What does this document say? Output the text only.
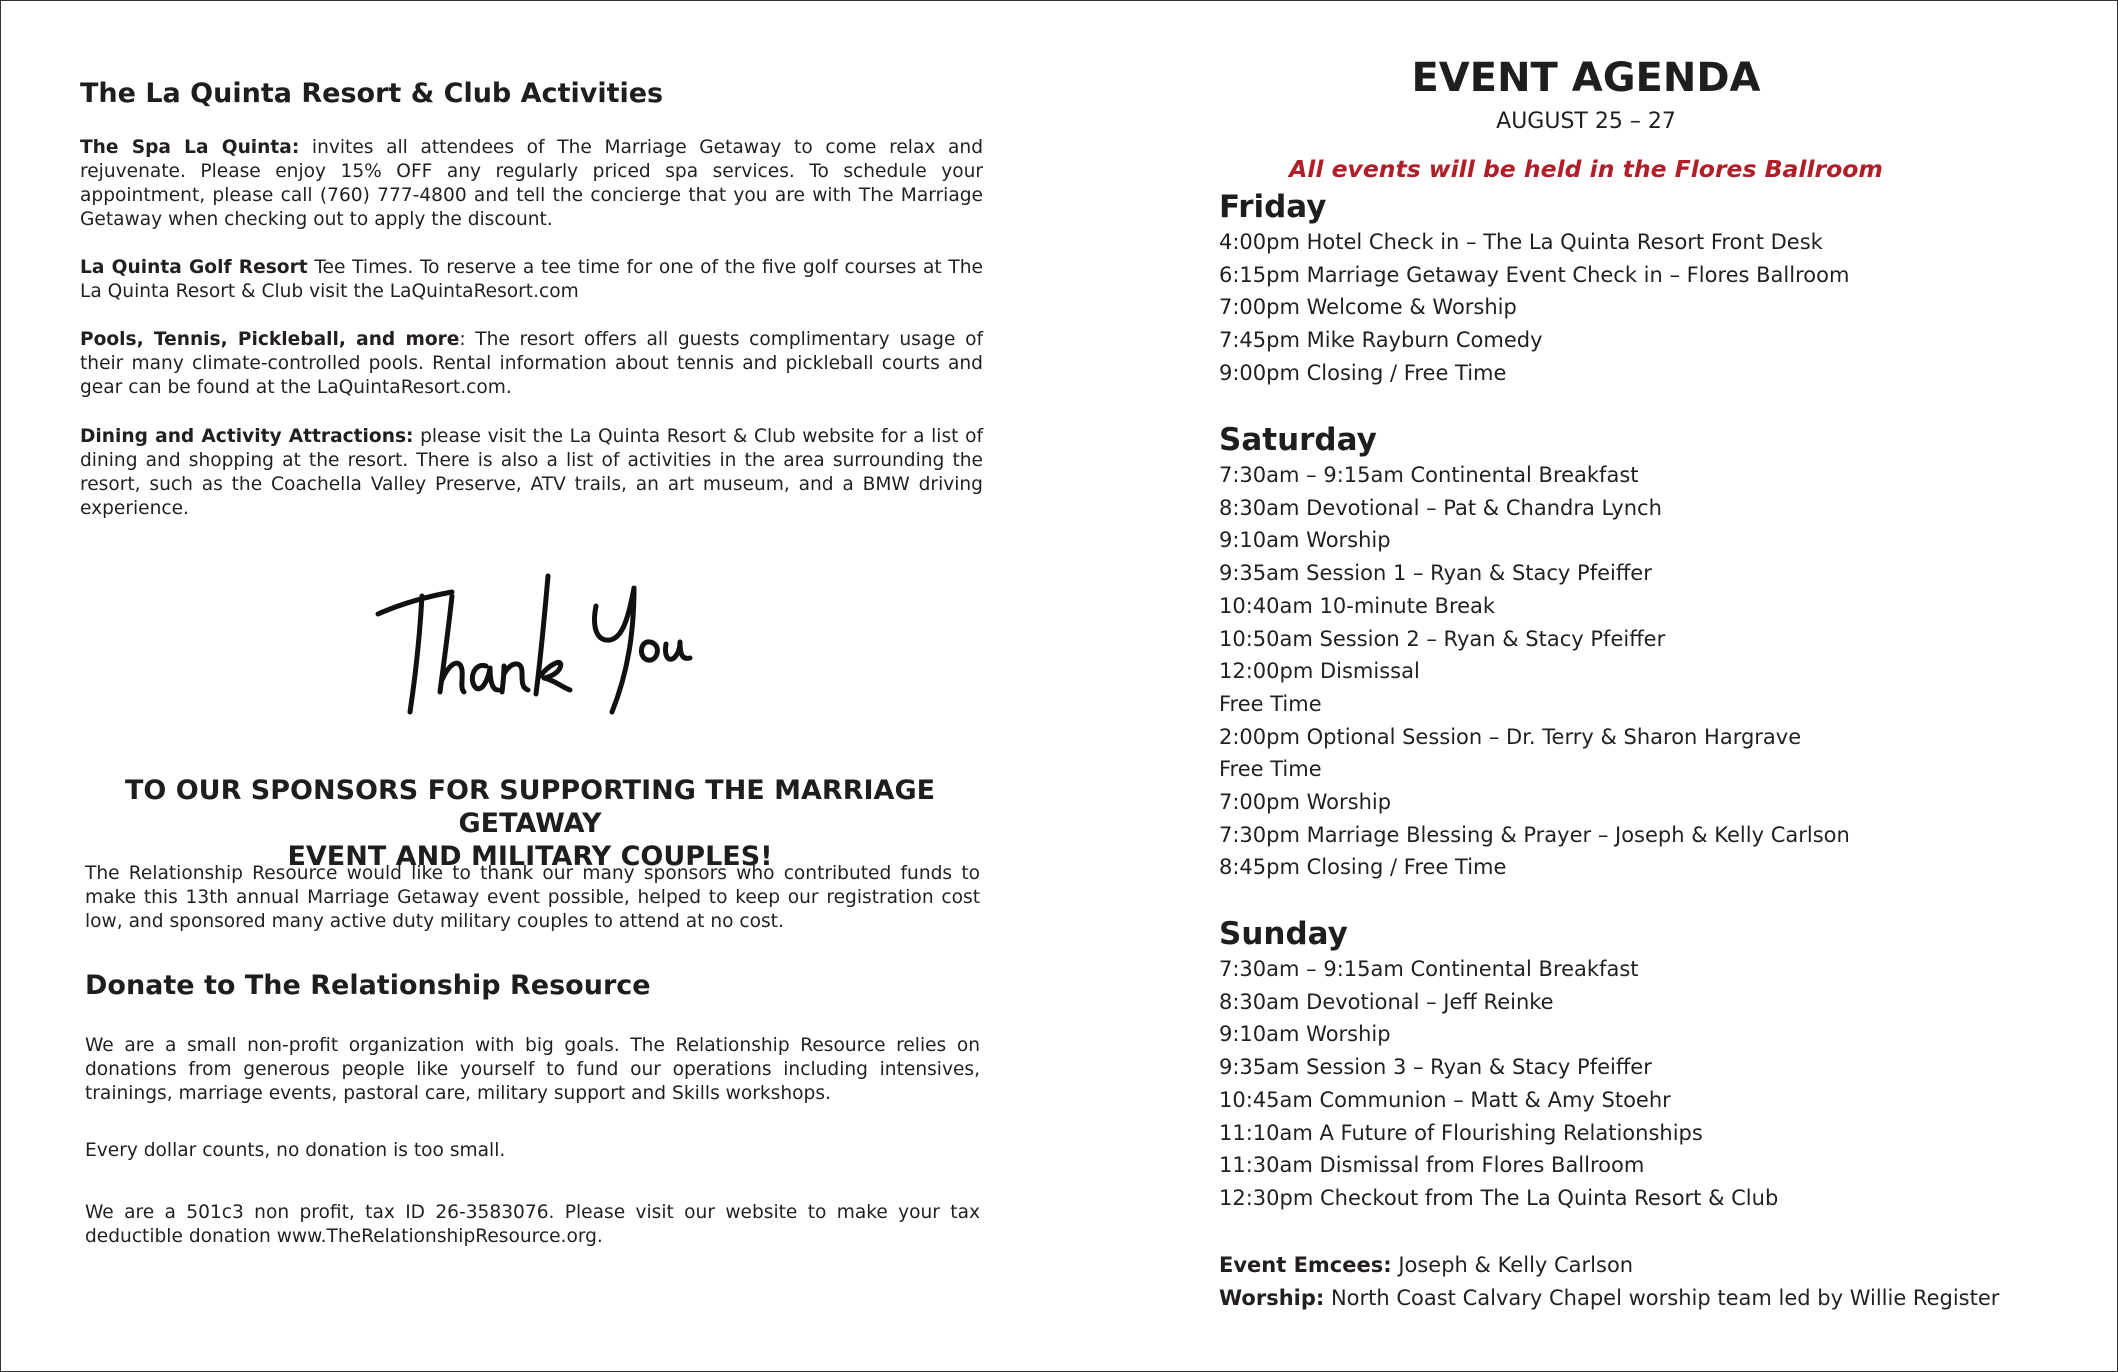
The La Quinta Resort & Club Activities

The Spa La Quinta: invites all attendees of The Marriage Getaway to come relax and rejuvenate. Please enjoy 15% OFF any regularly priced spa services. To schedule your appointment, please call (760) 777-4800 and tell the concierge that you are with The Marriage Getaway when checking out to apply the discount.

La Quinta Golf Resort Tee Times. To reserve a tee time for one of the five golf courses at The La Quinta Resort & Club visit the LaQuintaResort.com

Pools, Tennis, Pickleball, and more: The resort offers all guests complimentary usage of their many climate-controlled pools. Rental information about tennis and pickleball courts and gear can be found at the LaQuintaResort.com.

Dining and Activity Attractions: please visit the La Quinta Resort & Club website for a list of dining and shopping at the resort. There is also a list of activities in the area surrounding the resort, such as the Coachella Valley Preserve, ATV trails, an art museum, and a BMW driving experience.

TO OUR SPONSORS FOR SUPPORTING THE MARRIAGE GETAWAY
EVENT AND MILITARY COUPLES!

The Relationship Resource would like to thank our many sponsors who contributed funds to make this 13th annual Marriage Getaway event possible, helped to keep our registration cost low, and sponsored many active duty military couples to attend at no cost.

Donate to The Relationship Resource

We are a small non-profit organization with big goals. The Relationship Resource relies on donations from generous people like yourself to fund our operations including intensives, trainings, marriage events, pastoral care, military support and Skills workshops.

Every dollar counts, no donation is too small.

We are a 501c3 non profit, tax ID 26-3583076. Please visit our website to make your tax deductible donation www.TheRelationshipResource.org.

EVENT AGENDA
AUGUST 25 – 27
All events will be held in the Flores Ballroom
Friday
4:00pm Hotel Check in – The La Quinta Resort Front Desk
6:15pm Marriage Getaway Event Check in – Flores Ballroom
7:00pm Welcome & Worship
7:45pm Mike Rayburn Comedy
9:00pm Closing / Free Time
Saturday
7:30am – 9:15am Continental Breakfast
8:30am Devotional – Pat & Chandra Lynch
9:10am Worship
9:35am Session 1 – Ryan & Stacy Pfeiffer
10:40am 10-minute Break
10:50am Session 2 – Ryan & Stacy Pfeiffer
12:00pm Dismissal
Free Time
2:00pm Optional Session – Dr. Terry & Sharon Hargrave
Free Time
7:00pm Worship
7:30pm Marriage Blessing & Prayer – Joseph & Kelly Carlson
8:45pm Closing / Free Time
Sunday
7:30am – 9:15am Continental Breakfast
8:30am Devotional – Jeff Reinke
9:10am Worship
9:35am Session 3 – Ryan & Stacy Pfeiffer
10:45am Communion – Matt & Amy Stoehr
11:10am A Future of Flourishing Relationships
11:30am Dismissal from Flores Ballroom
12:30pm Checkout from The La Quinta Resort & Club
Event Emcees: Joseph & Kelly Carlson
Worship: North Coast Calvary Chapel worship team led by Willie Register
